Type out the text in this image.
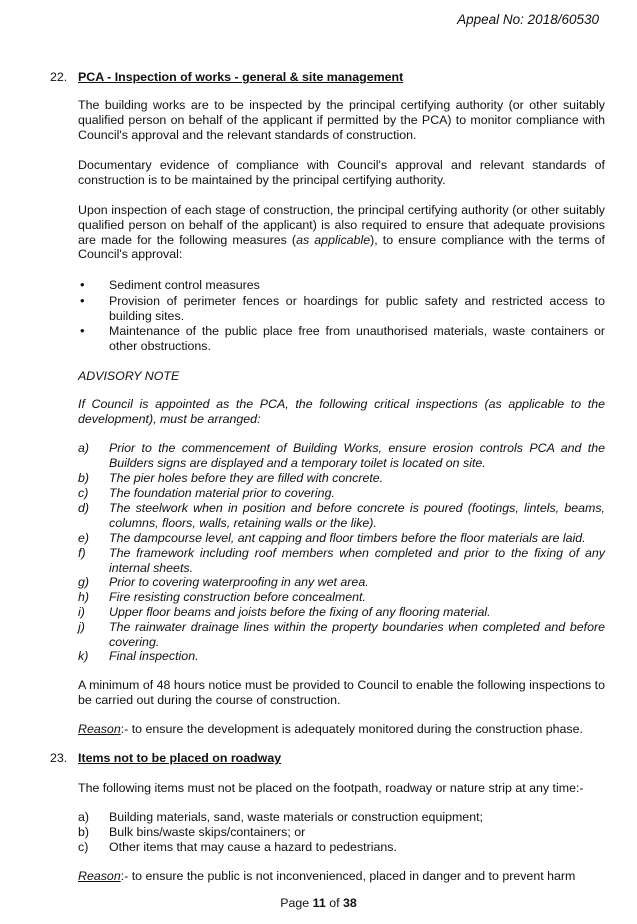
Appeal No: 2018/60530
22. PCA - Inspection of works - general & site management
The building works are to be inspected by the principal certifying authority (or other suitably qualified person on behalf of the applicant if permitted by the PCA) to monitor compliance with Council's approval and the relevant standards of construction.
Documentary evidence of compliance with Council's approval and relevant standards of construction is to be maintained by the principal certifying authority.
Upon inspection of each stage of construction, the principal certifying authority (or other suitably qualified person on behalf of the applicant) is also required to ensure that adequate provisions are made for the following measures (as applicable), to ensure compliance with the terms of Council's approval:
• Sediment control measures
• Provision of perimeter fences or hoardings for public safety and restricted access to building sites.
• Maintenance of the public place free from unauthorised materials, waste containers or other obstructions.
ADVISORY NOTE
If Council is appointed as the PCA, the following critical inspections (as applicable to the development), must be arranged:
a) Prior to the commencement of Building Works, ensure erosion controls PCA and the Builders signs are displayed and a temporary toilet is located on site.
b) The pier holes before they are filled with concrete.
c) The foundation material prior to covering.
d) The steelwork when in position and before concrete is poured (footings, lintels, beams, columns, floors, walls, retaining walls or the like).
e) The dampcourse level, ant capping and floor timbers before the floor materials are laid.
f) The framework including roof members when completed and prior to the fixing of any internal sheets.
g) Prior to covering waterproofing in any wet area.
h) Fire resisting construction before concealment.
i) Upper floor beams and joists before the fixing of any flooring material.
j) The rainwater drainage lines within the property boundaries when completed and before covering.
k) Final inspection.
A minimum of 48 hours notice must be provided to Council to enable the following inspections to be carried out during the course of construction.
Reason:- to ensure the development is adequately monitored during the construction phase.
23. Items not to be placed on roadway
The following items must not be placed on the footpath, roadway or nature strip at any time:-
a) Building materials, sand, waste materials or construction equipment;
b) Bulk bins/waste skips/containers; or
c) Other items that may cause a hazard to pedestrians.
Reason:- to ensure the public is not inconvenienced, placed in danger and to prevent harm
Page 11 of 38
